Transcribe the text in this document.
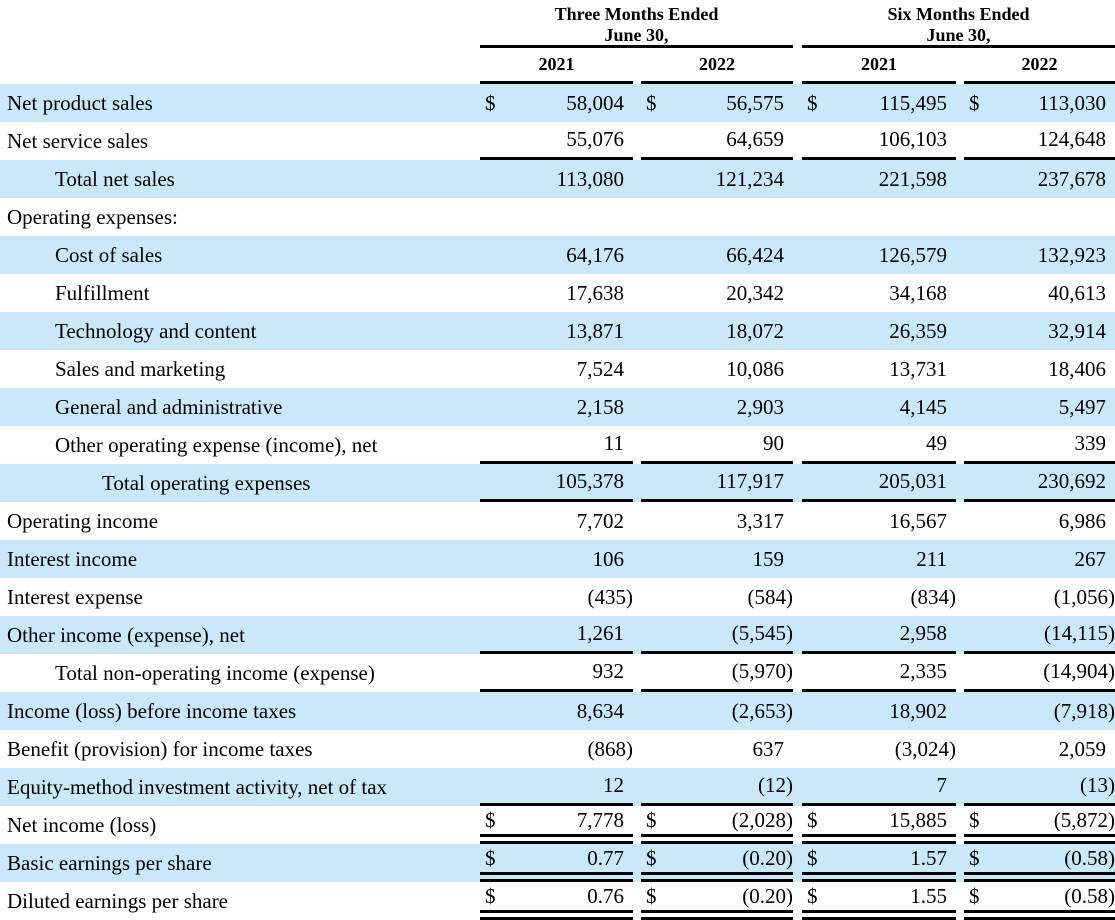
Three Months Ended
June 30,
Six Months Ended
June 30,
2021	2022	2021	2022
Net product sales	$	58,004 $	56,575 $	115,495 $	113,030
Net service sales	55,076	64,659	106,103	124,648
Total net sales	113,080	121,234	221,598	237,678
Operating expenses:
Cost of sales	64,176	66,424	126,579	132,923
Fulfillment	17,638	20,342	34,168	40,613
Technology and content	13,871	18,072	26,359	32,914
Sales and marketing	7,524	10,086	13,731	18,406
General and administrative	2,158	2,903	4,145	5,497
Other operating expense (income), net	11	90	49	339
Total operating expenses	105,378	117,917	205,031	230,692
Operating income	7,702	3,317	16,567	6,986
Interest income	106	159	211	267
Interest expense	(435)	(584)	(834)	(1,056)
Other income (expense), net	1,261	(5,545)	2,958	(14,115)
Total non-operating income (expense)	932	(5,970)	2,335	(14,904)
Income (loss) before income taxes	8,634	(2,653)	18,902	(7,918)
Benefit (provision) for income taxes	(868)	637	(3,024)	2,059
Equity-method investment activity, net of tax	12	(12)	7	(13)
Net income (loss)	$	7,778 $	(2,028) $	15,885 $	(5,872)
Basic earnings per share	$	0.77 $	(0.20) $	1.57 $	(0.58)
Diluted earnings per share	$	0.76 $	(0.20) $	1.55 $	(0.58)
